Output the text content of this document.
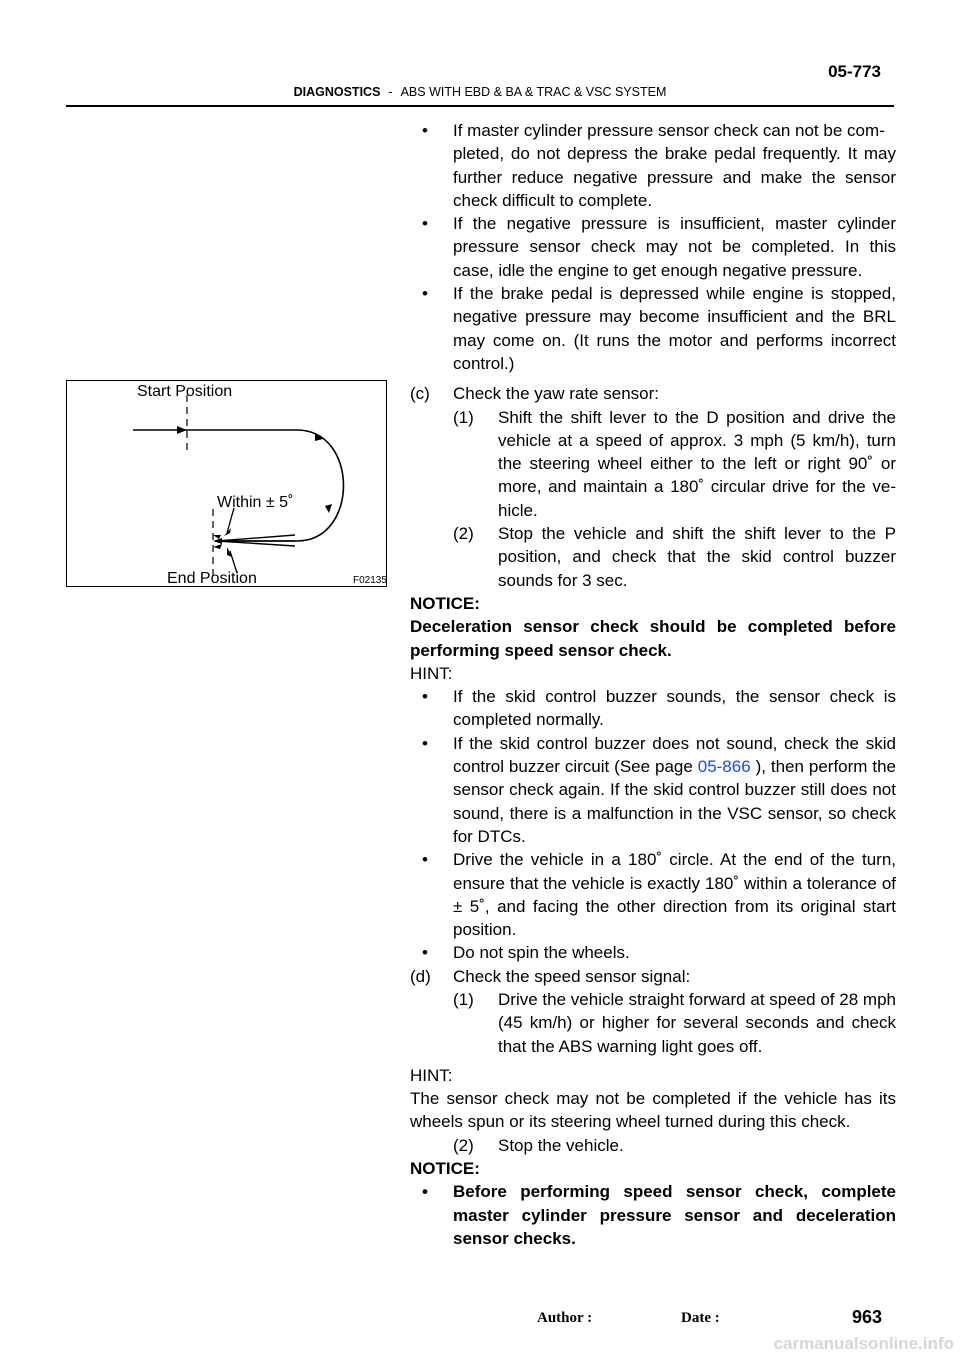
05-773
DIAGNOSTICS - ABS WITH EBD & BA & TRAC & VSC SYSTEM
Start Position
Within ± 5˚
End Position	F02135
• If master cylinder pressure sensor check can not be com-
pleted, do not depress the brake pedal frequently. It may further reduce negative pressure and make the sensor check difficult to complete.
• If the negative pressure is insufficient, master cylinder pressure sensor check may not be completed. In this case, idle the engine to get enough negative pressure.
• If the brake pedal is depressed while engine is stopped, negative pressure may become insufficient and the BRL may come on. (It runs the motor and performs incorrect control.)
(c) Check the yaw rate sensor:
(1) Shift the shift lever to the D position and drive the vehicle at a speed of approx. 3 mph (5 km/h), turn the steering wheel either to the left or right 90˚ or more, and maintain a 180˚ circular drive for the ve- hicle.
(2) Stop the vehicle and shift the shift lever to the P position, and check that the skid control buzzer sounds for 3 sec.
NOTICE:
Deceleration sensor check should be completed before performing speed sensor check.
HINT:
• If the skid control buzzer sounds, the sensor check is completed normally.
• If the skid control buzzer does not sound, check the skid control buzzer circuit (See page 05-866 ), then perform the sensor check again. If the skid control buzzer still does not sound, there is a malfunction in the VSC sensor, so check for DTCs.
• Drive the vehicle in a 180˚ circle. At the end of the turn, ensure that the vehicle is exactly 180˚ within a tolerance of ± 5˚, and facing the other direction from its original start position.
• Do not spin the wheels.
(d) Check the speed sensor signal:
(1) Drive the vehicle straight forward at speed of 28 mph (45 km/h) or higher for several seconds and check that the ABS warning light goes off.
HINT:
The sensor check may not be completed if the vehicle has its wheels spun or its steering wheel turned during this check.
(2) Stop the vehicle.
NOTICE:
• Before performing speed sensor check, complete master cylinder pressure sensor and deceleration sensor checks.
Author :	Date :	963
carmanualsonline.info
